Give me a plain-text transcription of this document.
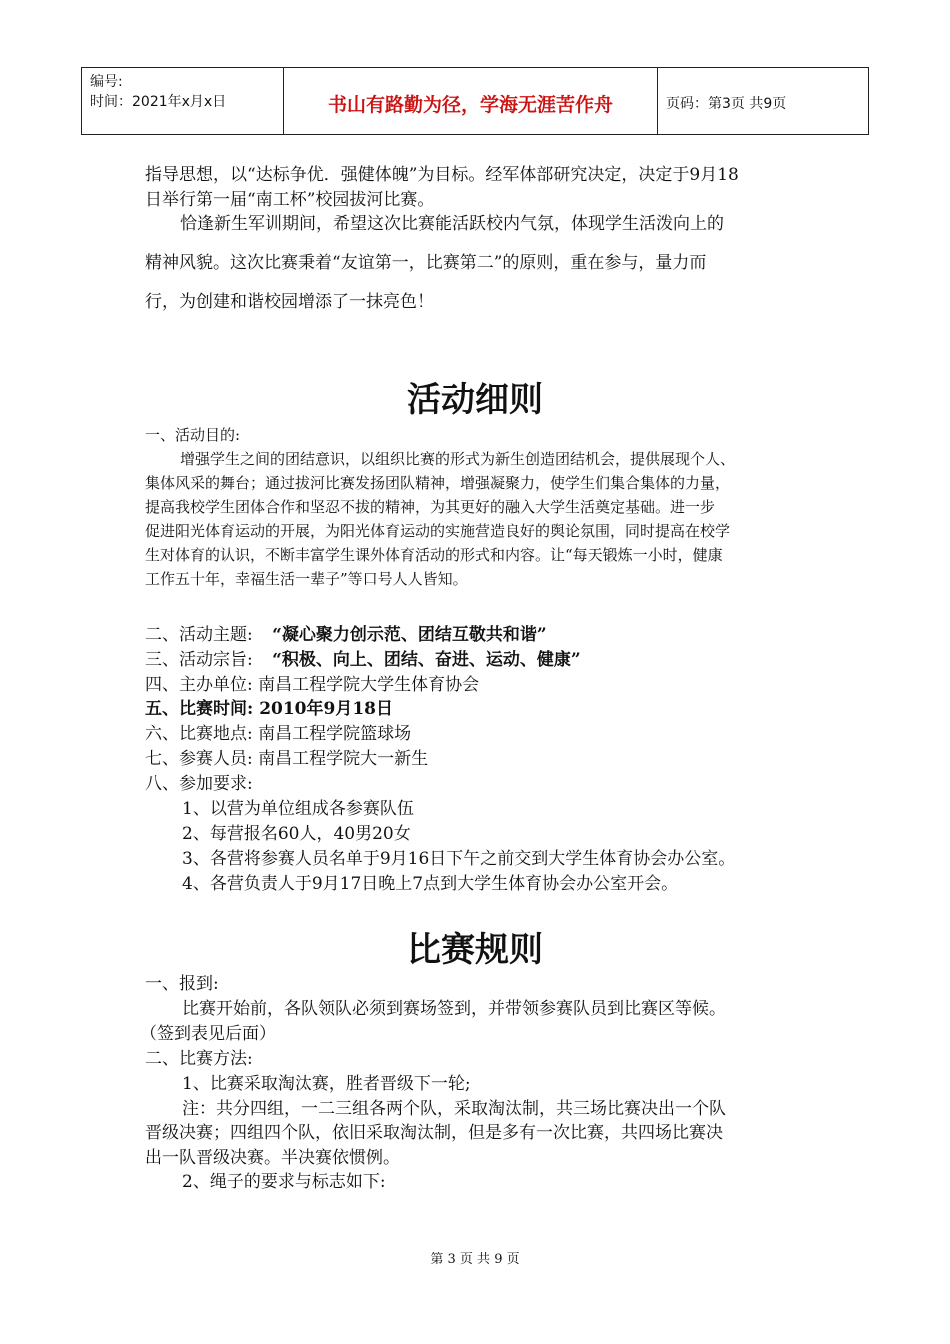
编号:
时间：2021年x月x日	书山有路勤为径，学海无涯苦作舟	页码：第3页 共9页
指导思想，以“达标争优．强健体魄”为目标。经军体部研究决定，决定于9月18
日举行第一届“南工杯”校园拔河比赛。
恰逢新生军训期间，希望这次比赛能活跃校内气氛，体现学生活泼向上的
精神风貌。这次比赛秉着“友谊第一，比赛第二”的原则，重在参与，量力而
行，为创建和谐校园增添了一抹亮色！
活动细则
一、活动目的:
增强学生之间的团结意识，以组织比赛的形式为新生创造团结机会，提供展现个人、
集体风采的舞台；通过拔河比赛发扬团队精神，增强凝聚力，使学生们集合集体的力量，
提高我校学生团体合作和坚忍不拔的精神，为其更好的融入大学生活奠定基础。进一步
促进阳光体育运动的开展，为阳光体育运动的实施营造良好的舆论氛围，同时提高在校学
生对体育的认识，不断丰富学生课外体育活动的形式和内容。让“每天锻炼一小时，健康
工作五十年，幸福生活一辈子”等口号人人皆知。
二、活动主题: “凝心聚力创示范、团结互敬共和谐”
三、活动宗旨: “积极、向上、团结、奋进、运动、健康”
四、主办单位: 南昌工程学院大学生体育协会
五、比赛时间: 2010年9月18日
六、比赛地点: 南昌工程学院篮球场
七、参赛人员: 南昌工程学院大一新生
八、参加要求:
1、以营为单位组成各参赛队伍
2、每营报名60人，40男20女
3、各营将参赛人员名单于9月16日下午之前交到大学生体育协会办公室。
4、各营负责人于9月17日晚上7点到大学生体育协会办公室开会。
比赛规则
一、报到:
比赛开始前，各队领队必须到赛场签到，并带领参赛队员到比赛区等候。
（签到表见后面）
二、比赛方法:
1、比赛采取淘汰赛，胜者晋级下一轮;
注：共分四组，一二三组各两个队，采取淘汰制，共三场比赛决出一个队
晋级决赛；四组四个队，依旧采取淘汰制，但是多有一次比赛，共四场比赛决
出一队晋级决赛。半决赛依惯例。
2、绳子的要求与标志如下:
第 3 页 共 9 页
